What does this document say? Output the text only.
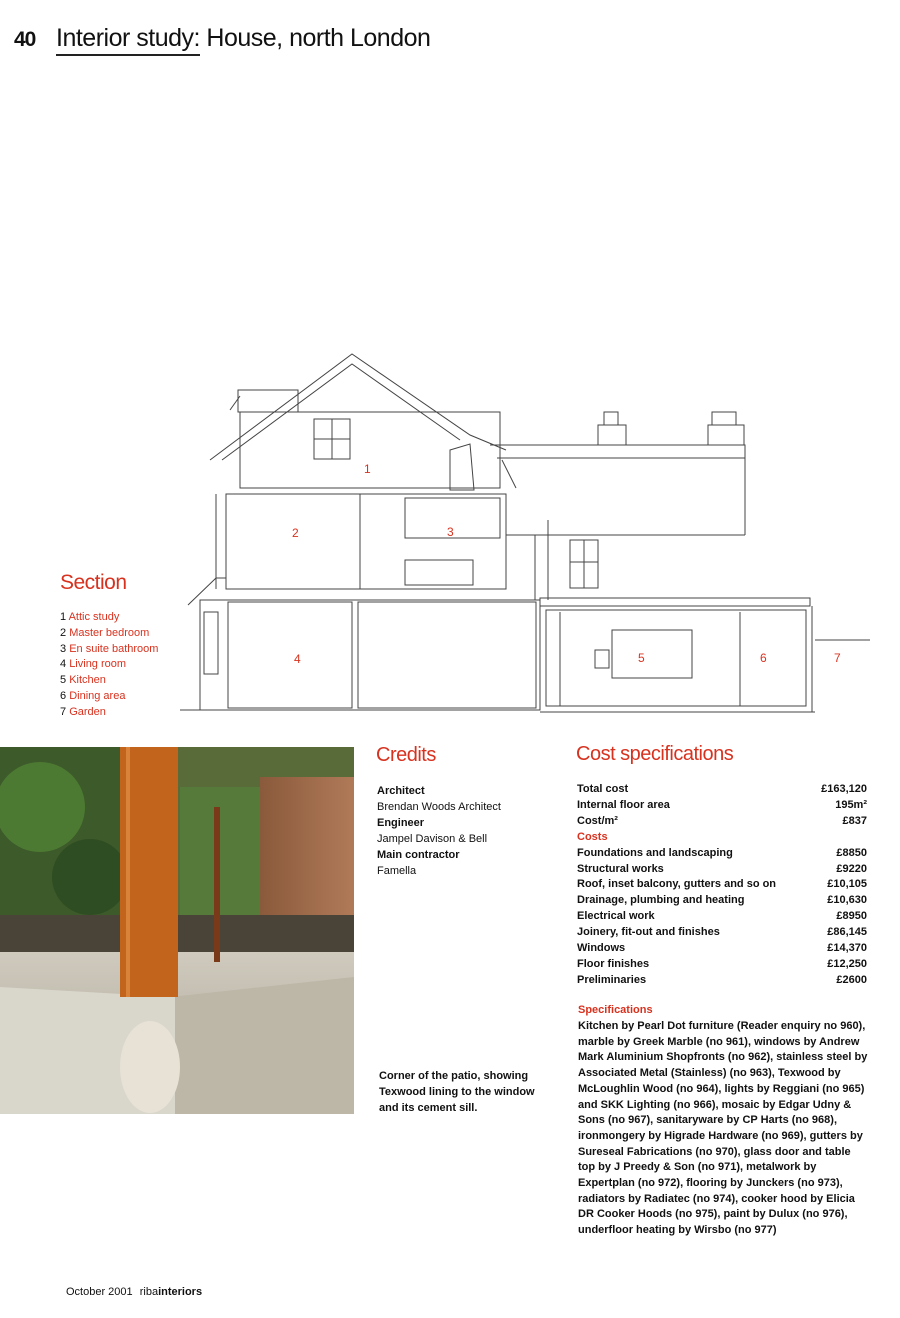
40 Interior study: House, north London
1
2	3
4	5	6	7
Section
1 Attic study
2 Master bedroom
3 En suite bathroom
4 Living room
5 Kitchen
6 Dining area
7 Garden
Credits
Architect
Brendan Woods Architect
Engineer
Jampel Davison & Bell
Main contractor
Famella
Corner of the patio, showing Texwood lining to the window and its cement sill.
Cost specifications
Total cost	£163,120
Internal floor area	195m²
Cost/m²	£837
Costs
Foundations and landscaping	£8850
Structural works	£9220
Roof, inset balcony, gutters and so on	£10,105
Drainage, plumbing and heating	£10,630
Electrical work	£8950
Joinery, fit-out and finishes	£86,145
Windows	£14,370
Floor finishes	£12,250
Preliminaries	£2600
Specifications
Kitchen by Pearl Dot furniture (Reader enquiry no 960), marble by Greek Marble (no 961), windows by Andrew Mark Aluminium Shopfronts (no 962), stainless steel by Associated Metal (Stainless) (no 963), Texwood by McLoughlin Wood (no 964), lights by Reggiani (no 965) and SKK Lighting (no 966), mosaic by Edgar Udny & Sons (no 967), sanitaryware by CP Harts (no 968), ironmongery by Higrade Hardware (no 969), gutters by Sureseal Fabrications (no 970), glass door and table top by J Preedy & Son (no 971), metalwork by Expertplan (no 972), flooring by Junckers (no 973), radiators by Radiatec (no 974), cooker hood by Elicia DR Cooker Hoods (no 975), paint by Dulux (no 976), underfloor heating by Wirsbo (no 977)
October 2001 ribainteriors
